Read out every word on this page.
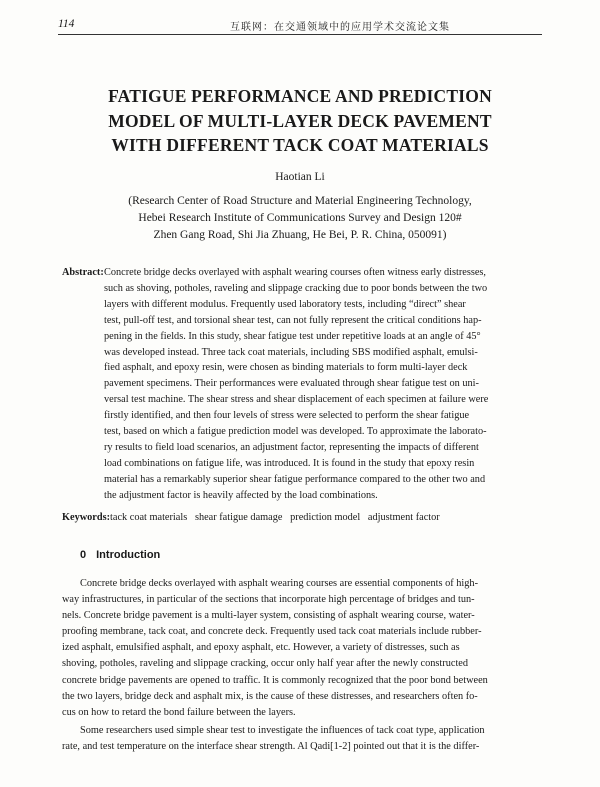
114	互联网：在交通领域中的应用学术交流论文集
FATIGUE PERFORMANCE AND PREDICTION
MODEL OF MULTI-LAYER DECK PAVEMENT
WITH DIFFERENT TACK COAT MATERIALS
Haotian Li
(Research Center of Road Structure and Material Engineering Technology,
Hebei Research Institute of Communications Survey and Design 120#
Zhen Gang Road, Shi Jia Zhuang, He Bei, P. R. China, 050091)
Abstract: Concrete bridge decks overlayed with asphalt wearing courses often witness early distresses,
such as shoving, potholes, raveling and slippage cracking due to poor bonds between the two
layers with different modulus. Frequently used laboratory tests, including “direct” shear
test, pull-off test, and torsional shear test, can not fully represent the critical conditions hap-
pening in the fields. In this study, shear fatigue test under repetitive loads at an angle of 45°
was developed instead. Three tack coat materials, including SBS modified asphalt, emulsi-
fied asphalt, and epoxy resin, were chosen as binding materials to form multi-layer deck
pavement specimens. Their performances were evaluated through shear fatigue test on uni-
versal test machine. The shear stress and shear displacement of each specimen at failure were
firstly identified, and then four levels of stress were selected to perform the shear fatigue
test, based on which a fatigue prediction model was developed. To approximate the laborato-
ry results to field load scenarios, an adjustment factor, representing the impacts of different
load combinations on fatigue life, was introduced. It is found in the study that epoxy resin
material has a remarkably superior shear fatigue performance compared to the other two and
the adjustment factor is heavily affected by the load combinations.
Keywords:tack coat materials   shear fatigue damage   prediction model   adjustment factor
0 Introduction
Concrete bridge decks overlayed with asphalt wearing courses are essential components of high-
way infrastructures, in particular of the sections that incorporate high percentage of bridges and tun-
nels. Concrete bridge pavement is a multi-layer system, consisting of asphalt wearing course, water-
proofing membrane, tack coat, and concrete deck. Frequently used tack coat materials include rubber-
ized asphalt, emulsified asphalt, and epoxy asphalt, etc. However, a variety of distresses, such as
shoving, potholes, raveling and slippage cracking, occur only half year after the newly constructed
concrete bridge pavements are opened to traffic. It is commonly recognized that the poor bond between
the two layers, bridge deck and asphalt mix, is the cause of these distresses, and researchers often fo-
cus on how to retard the bond failure between the layers.
Some researchers used simple shear test to investigate the influences of tack coat type, application
rate, and test temperature on the interface shear strength. Al Qadi[1-2] pointed out that it is the differ-
